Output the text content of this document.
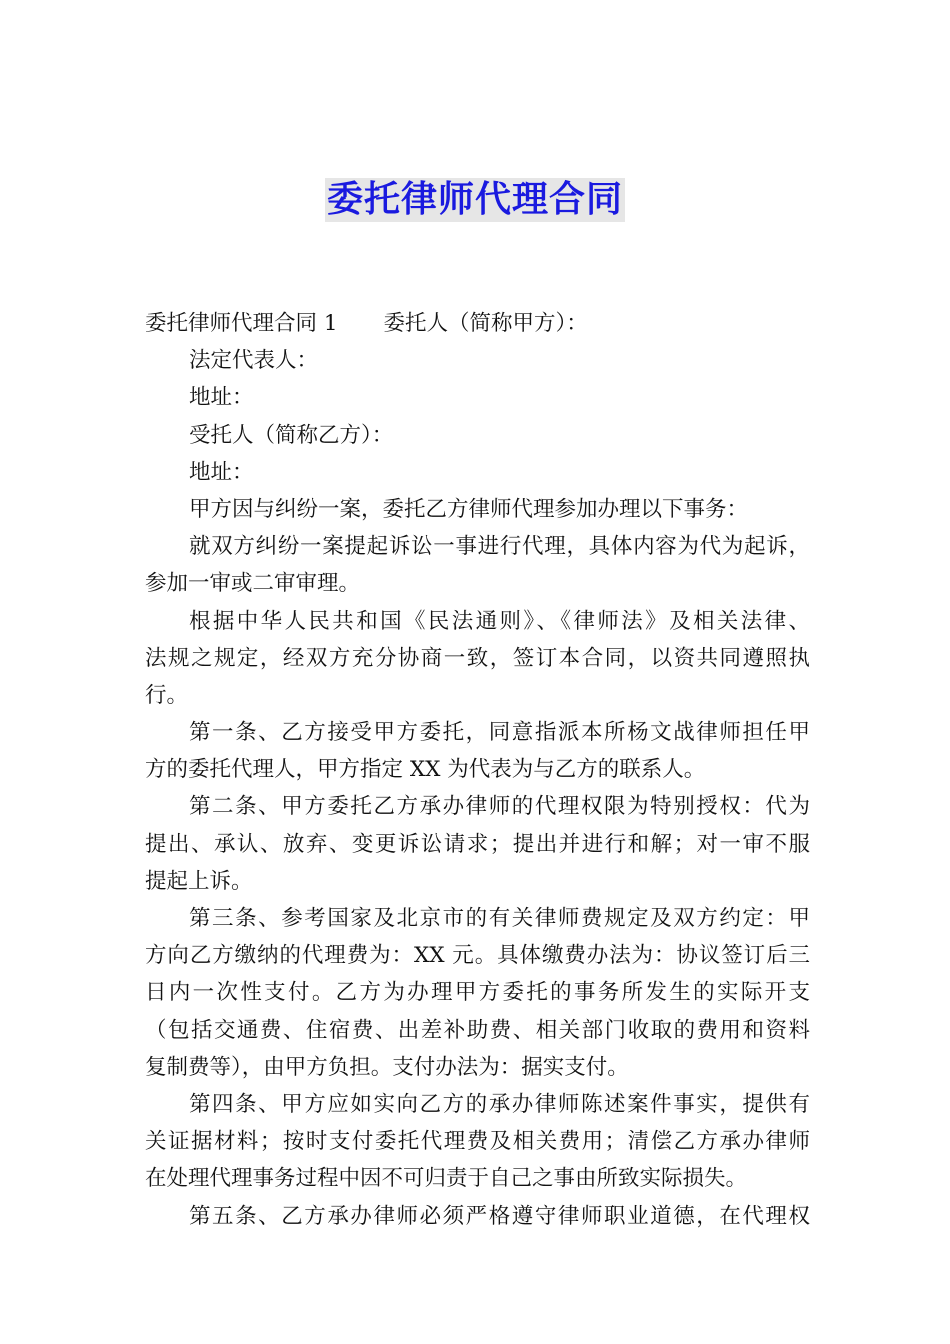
委托律师代理合同
委托律师代理合同 1 委托人（简称甲方）：
法定代表人：
地址：
受托人（简称乙方）：
地址：
甲方因与纠纷一案，委托乙方律师代理参加办理以下事务：
就双方纠纷一案提起诉讼一事进行代理，具体内容为代为起诉，
参加一审或二审审理。
根据中华人民共和国《民法通则》、《律师法》及相关法律、
法规之规定，经双方充分协商一致，签订本合同，以资共同遵照执
行。
第一条、乙方接受甲方委托，同意指派本所杨文战律师担任甲
方的委托代理人，甲方指定 XX 为代表为与乙方的联系人。
第二条、甲方委托乙方承办律师的代理权限为特别授权：代为
提出、承认、放弃、变更诉讼请求；提出并进行和解；对一审不服
提起上诉。
第三条、参考国家及北京市的有关律师费规定及双方约定：甲
方向乙方缴纳的代理费为：XX 元。具体缴费办法为：协议签订后三
日内一次性支付。乙方为办理甲方委托的事务所发生的实际开支
（包括交通费、住宿费、出差补助费、相关部门收取的费用和资料
复制费等），由甲方负担。支付办法为：据实支付。
第四条、甲方应如实向乙方的承办律师陈述案件事实，提供有
关证据材料；按时支付委托代理费及相关费用；清偿乙方承办律师
在处理代理事务过程中因不可归责于自己之事由所致实际损失。
第五条、乙方承办律师必须严格遵守律师职业道德，在代理权
